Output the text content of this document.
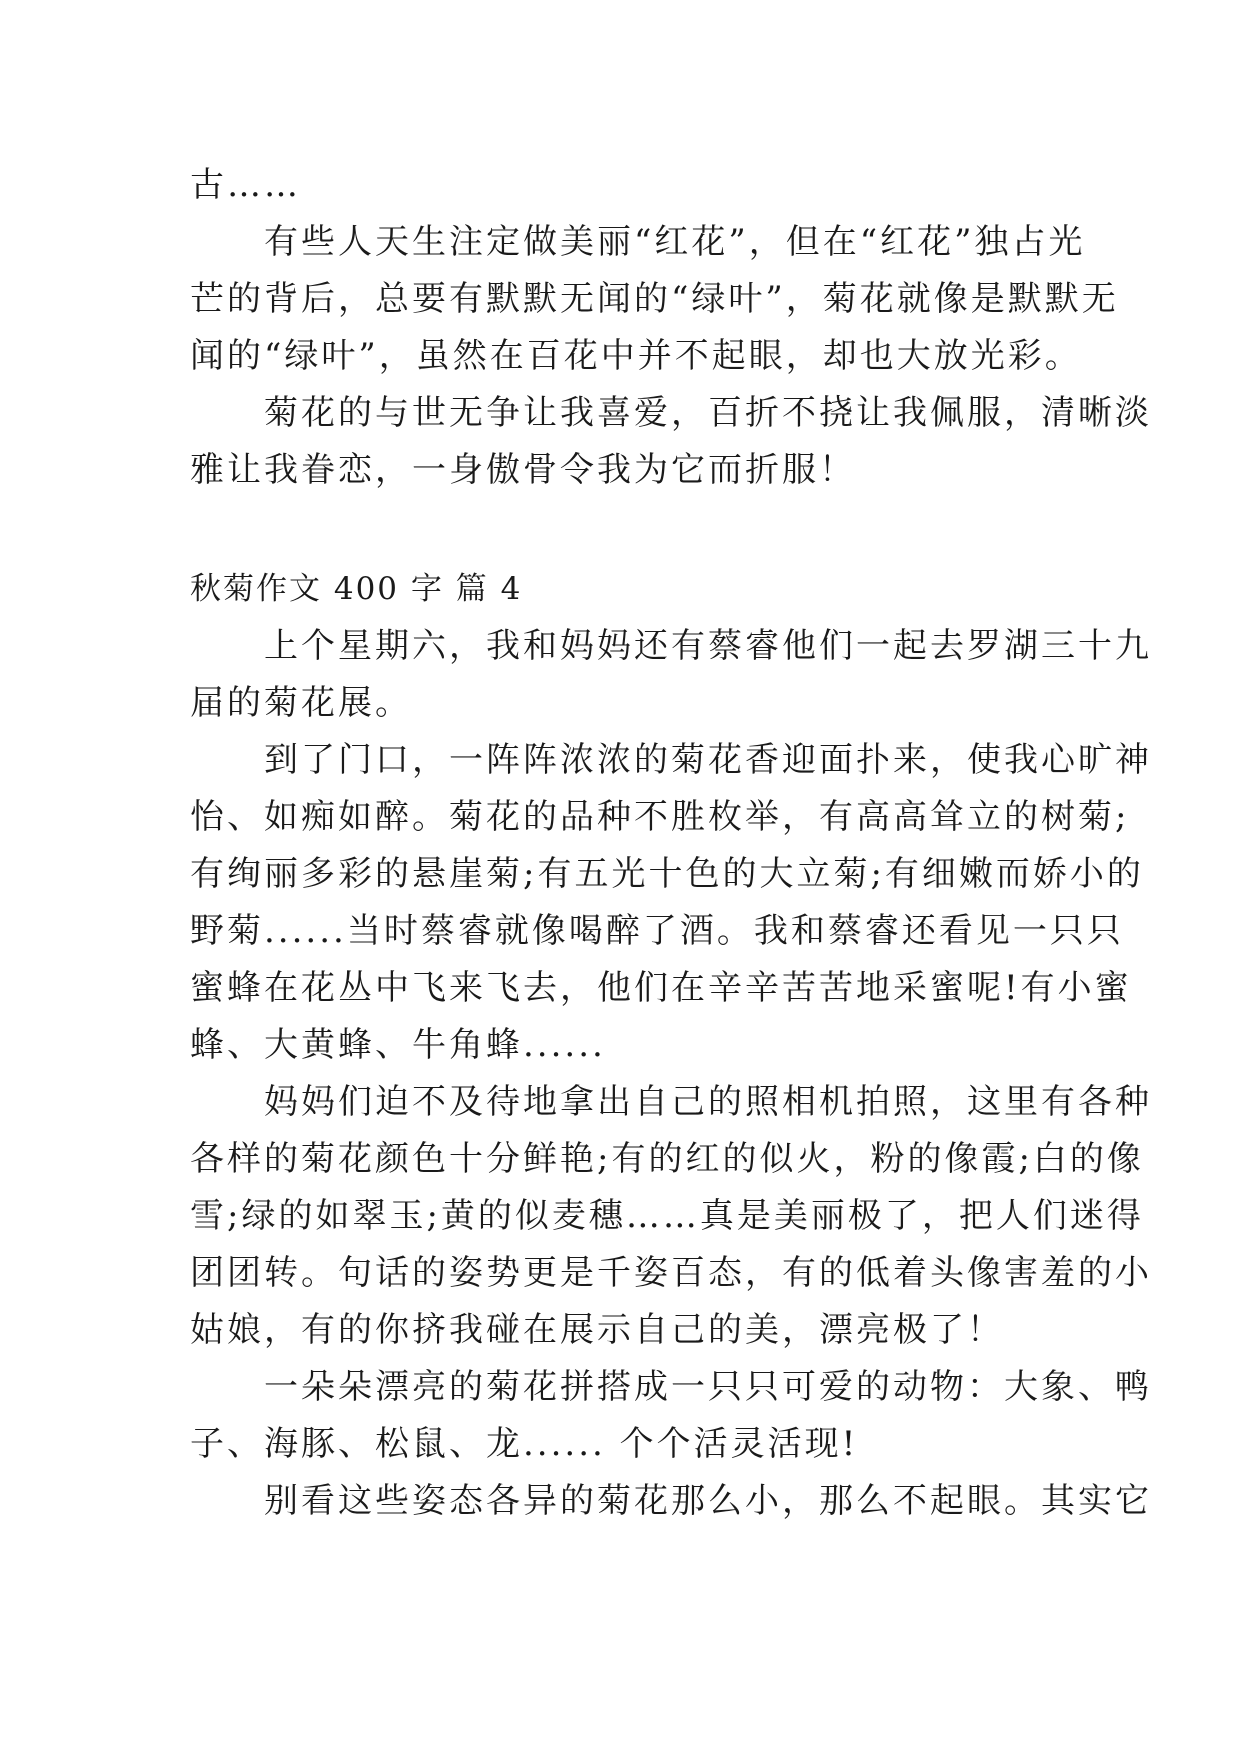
古……
　　有些人天生注定做美丽“红花”，但在“红花”独占光
芒的背后，总要有默默无闻的“绿叶”，菊花就像是默默无
闻的“绿叶”，虽然在百花中并不起眼，却也大放光彩。
　　菊花的与世无争让我喜爱，百折不挠让我佩服，清晰淡
雅让我眷恋，一身傲骨令我为它而折服！
秋菊作文 400 字 篇 4
　　上个星期六，我和妈妈还有蔡睿他们一起去罗湖三十九
届的菊花展。
　　到了门口，一阵阵浓浓的菊花香迎面扑来，使我心旷神
怡、如痴如醉。菊花的品种不胜枚举，有高高耸立的树菊;
有绚丽多彩的悬崖菊;有五光十色的大立菊;有细嫩而娇小的
野菊......当时蔡睿就像喝醉了酒。我和蔡睿还看见一只只
蜜蜂在花丛中飞来飞去，他们在辛辛苦苦地采蜜呢!有小蜜
蜂、大黄蜂、牛角蜂......
　　妈妈们迫不及待地拿出自己的照相机拍照，这里有各种
各样的菊花颜色十分鲜艳;有的红的似火，粉的像霞;白的像
雪;绿的如翠玉;黄的似麦穗……真是美丽极了，把人们迷得
团团转。句话的姿势更是千姿百态，有的低着头像害羞的小
姑娘，有的你挤我碰在展示自己的美，漂亮极了！
　　一朵朵漂亮的菊花拼搭成一只只可爱的动物：大象、鸭
子、海豚、松鼠、龙...... 个个活灵活现!
　　别看这些姿态各异的菊花那么小，那么不起眼。其实它
